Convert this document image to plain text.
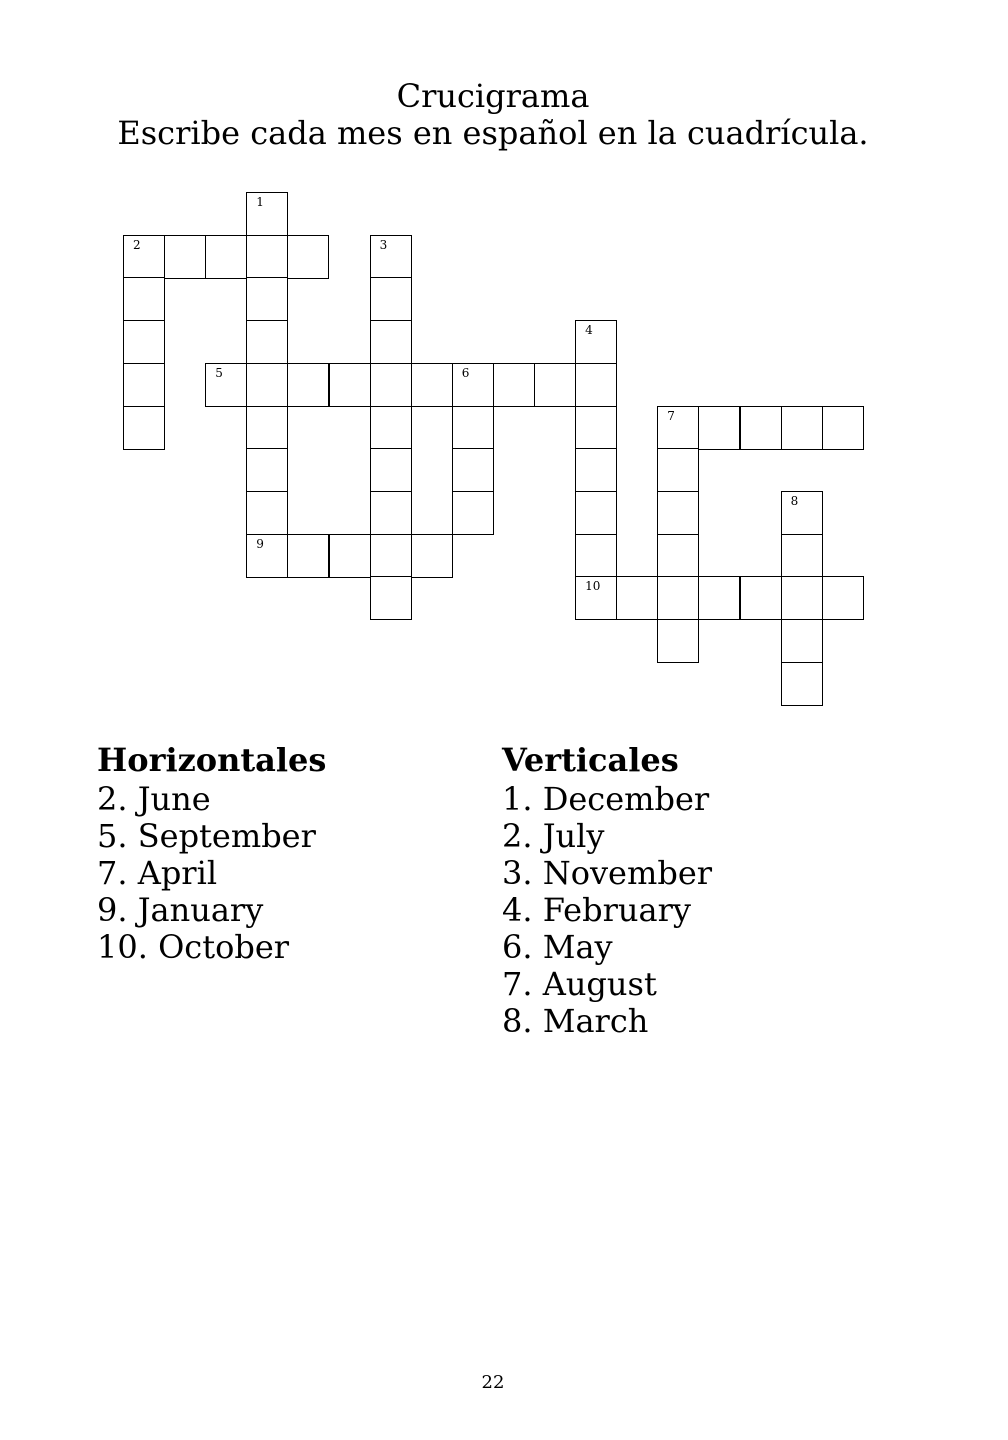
Crucigrama
Escribe cada mes en español en la cuadrícula.
1
9
2	3
4
10
5	6
7
8
Horizontales
2. June
5. September
7. April
9. January
10. October
Verticales
1. December
2. July
3. November
4. February
6. May
7. August
8. March
22
